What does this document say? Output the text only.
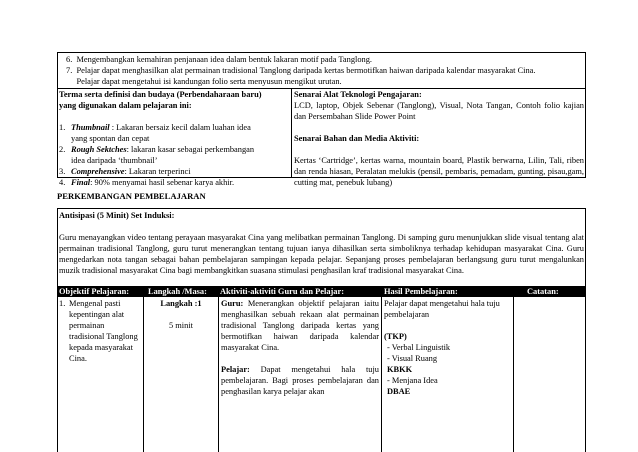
6.  Mengembangkan kemahiran penjanaan idea dalam bentuk lakaran motif pada Tanglong.

7.  Pelajar dapat menghasilkan alat permainan tradisional Tanglong daripada kertas bermotifkan haiwan daripada kalendar masyarakat Cina.

Pelajar dapat mengetahui isi kandungan folio serta menyusun mengikut urutan.

Terma serta definisi dan budaya (Perbendaharaan baru)

yang digunakan dalam pelajaran ini:

1. Thumbnail : Lakaran bersaiz kecil dalam luahan idea

yang spontan dan cepat

2. Rough Sektches: lakaran kasar sebagai perkembangan

idea daripada ‘thumbnail’

3. Comprehensive: Lakaran terperinci
4. Final: 90% menyamai hasil sebenar karya akhir.

Senarai Alat Teknologi Pengajaran:

LCD, laptop, Objek Sebenar (Tanglong), Visual, Nota Tangan, Contoh folio kajian dan Persembahan Slide Power Point

Senarai Bahan dan Media Aktiviti:

Kertas ‘Cartridge’, kertas warna, mountain board, Plastik berwarna, Lilin, Tali, riben dan renda hiasan, Peralatan melukis (pensil, pembaris, pemadam, gunting, pisau,gam, cutting mat, penebuk lubang)

PERKEMBANGAN PEMBELAJARAN

Antisipasi (5 Minit) Set Induksi:

Guru menayangkan video tentang perayaan masyarakat Cina yang melibatkan permainan Tanglong. Di samping guru menunjukkan slide visual tentang alat permainan tradisional Tanglong, guru turut menerangkan tentang tujuan ianya dihasilkan serta simboliknya terhadap kehidupan masyarakat Cina. Guru mengedarkan nota tangan sebagai bahan pembelajaran sampingan kepada pelajar. Sepanjang proses pembelajaran berlangsung guru turut mengalunkan muzik tradisional masyarakat Cina bagi membangkitkan suasana stimulasi penghasilan kraf tradisional masyarakat Cina.

Objektif Pelajaran: Langkah /Masa: Aktiviti-aktiviti Guru dan Pelajar:	Hasil Pembelajaran:	Catatan:
1. Mengenal pasti kepentingan alat permainan tradisional Tanglong kepada masyarakat Cina.

Langkah :1

5 minit

Guru: Menerangkan objektif pelajaran iaitu menghasilkan sebuah rekaan alat permainan tradisional Tanglong daripada kertas yang bermotifkan haiwan daripada kalendar masyarakat Cina.

Pelajar: Dapat mengetahui hala tuju pembelajaran. Bagi proses pembelajaran dan penghasilan karya pelajar akan

Pelajar dapat mengetahui hala tuju pembelajaran

(TKP)

- Verbal Linguistik

- Visual Ruang

KBKK

- Menjana Idea

DBAE
